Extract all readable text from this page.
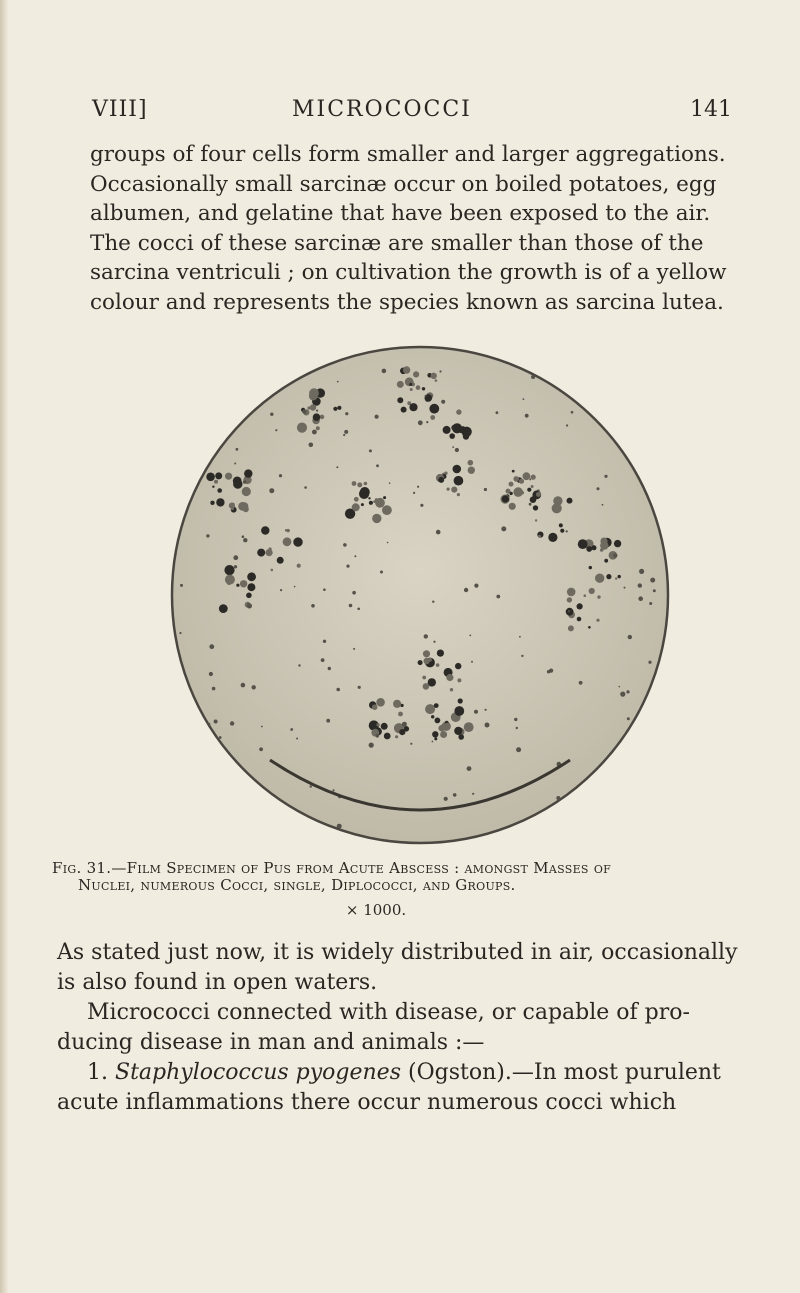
VIII]	MICROCOCCI	141
groups of four cells form smaller and larger aggregations.
Occasionally small sarcinæ occur on boiled potatoes, egg
albumen, and gelatine that have been exposed to the air.
The cocci of these sarcinæ are smaller than those of the
sarcina ventriculi ; on cultivation the growth is of a yellow
colour and represents the species known as sarcina lutea.
Fig. 31.—Film Specimen of Pus from Acute Abscess : amongst Masses of
Nuclei, numerous Cocci, single, Diplococci, and Groups.
× 1000.
As stated just now, it is widely distributed in air, occasionally
is also found in open waters.
Micrococci connected with disease, or capable of pro-
ducing disease in man and animals :—
1. Staphylococcus pyogenes (Ogston).—In most purulent
acute inflammations there occur numerous cocci which
